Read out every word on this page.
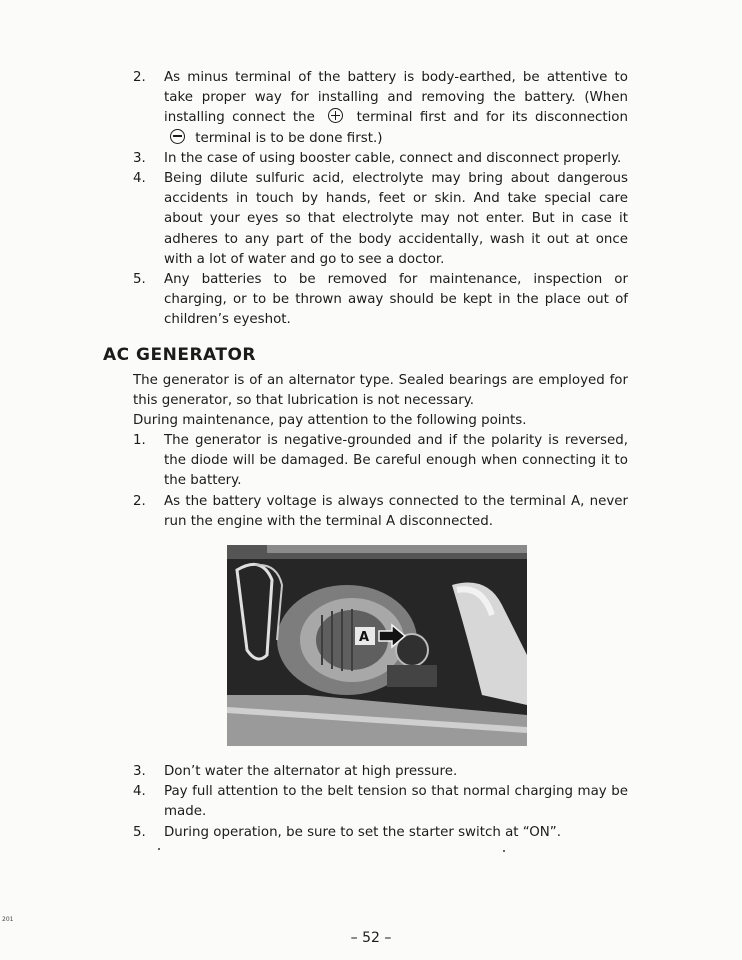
2. As minus terminal of the battery is body-earthed, be attentive to take proper way for installing and removing the battery. (When installing connect the	terminal first and for its disconnection  terminal is to be done first.)
3. In the case of using booster cable, connect and disconnect properly.
4. Being dilute sulfuric acid, electrolyte may bring about dangerous accidents in touch by hands, feet or skin. And take special care about your eyes so that electrolyte may not enter. But in case it adheres to any part of the body accidentally, wash it out at once with a lot of water and go to see a doctor.
5. Any batteries to be removed for maintenance, inspection or charging, or to be thrown away should be kept in the place out of children’s eyeshot.
AC GENERATOR
The generator is of an alternator type. Sealed bearings are employed for this generator, so that lubrication is not necessary.
During maintenance, pay attention to the following points.
1. The generator is negative-grounded and if the polarity is reversed, the diode will be damaged. Be careful enough when connecting it to the battery.
2. As the battery voltage is always connected to the terminal A, never run the engine with the terminal A disconnected.
A
3. Don’t water the alternator at high pressure.
4. Pay full attention to the belt tension so that normal charging may be made.
5. During operation, be sure to set the starter switch at “ON”.
201
– 52 –
